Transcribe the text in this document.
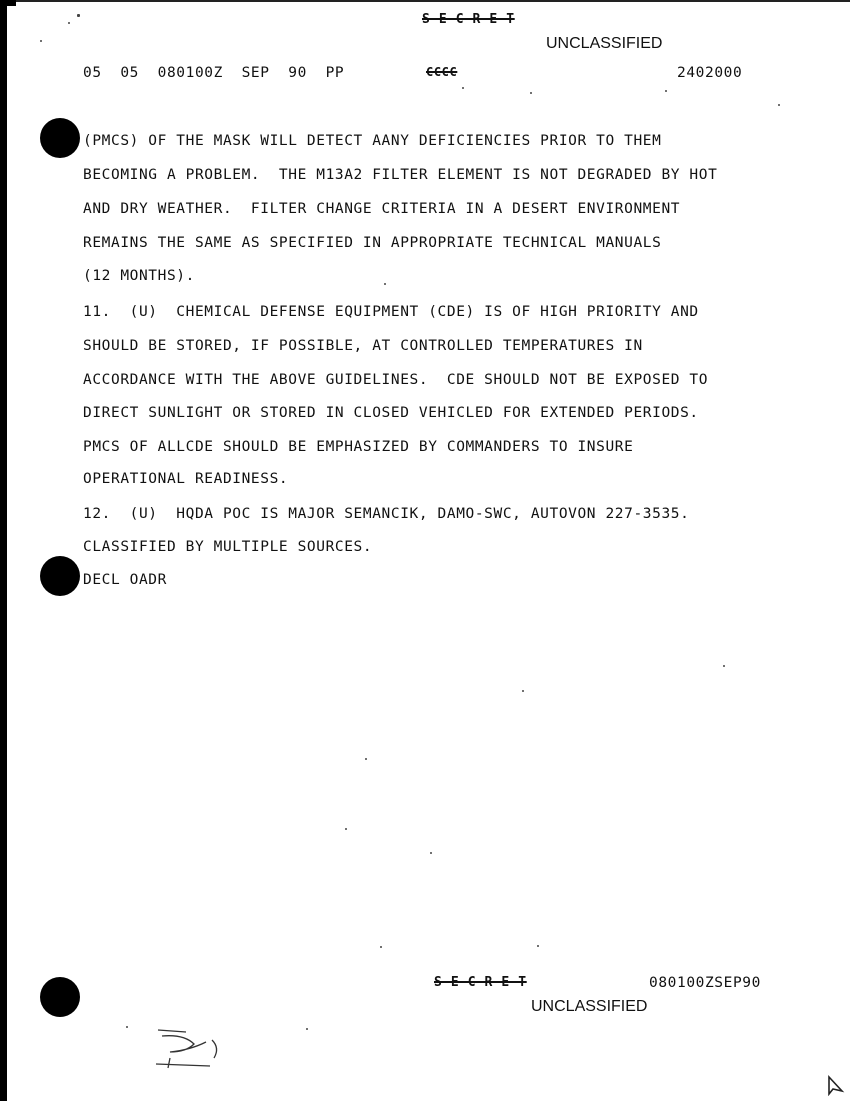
S E C R E T
UNCLASSIFIED
05  05  080100Z  SEP  90  PP	CCCC	2402000
(PMCS) OF THE MASK WILL DETECT AANY DEFICIENCIES PRIOR TO THEM
BECOMING A PROBLEM.  THE M13A2 FILTER ELEMENT IS NOT DEGRADED BY HOT
AND DRY WEATHER.  FILTER CHANGE CRITERIA IN A DESERT ENVIRONMENT
REMAINS THE SAME AS SPECIFIED IN APPROPRIATE TECHNICAL MANUALS
(12 MONTHS).
11.  (U)  CHEMICAL DEFENSE EQUIPMENT (CDE) IS OF HIGH PRIORITY AND
SHOULD BE STORED, IF POSSIBLE, AT CONTROLLED TEMPERATURES IN
ACCORDANCE WITH THE ABOVE GUIDELINES.  CDE SHOULD NOT BE EXPOSED TO
DIRECT SUNLIGHT OR STORED IN CLOSED VEHICLED FOR EXTENDED PERIODS.
PMCS OF ALLCDE SHOULD BE EMPHASIZED BY COMMANDERS TO INSURE
OPERATIONAL READINESS.
12.  (U)  HQDA POC IS MAJOR SEMANCIK, DAMO-SWC, AUTOVON 227-3535.
CLASSIFIED BY MULTIPLE SOURCES.
DECL OADR
S E C R E T	080100ZSEP90
UNCLASSIFIED
